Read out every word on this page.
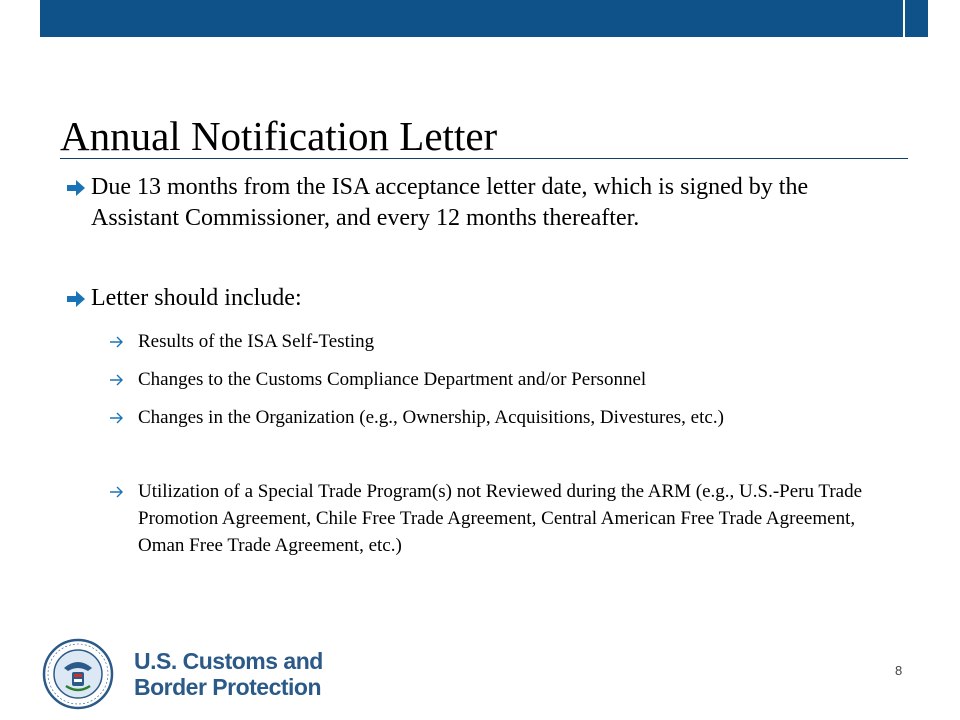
Annual Notification Letter
Due 13 months from the ISA acceptance letter date, which is signed by the Assistant Commissioner, and every 12 months thereafter.
Letter should include:
Results of the ISA Self-Testing
Changes to the Customs Compliance Department and/or Personnel
Changes in the Organization (e.g., Ownership, Acquisitions, Divestures, etc.)
Utilization of a Special Trade Program(s) not Reviewed during the ARM (e.g., U.S.-Peru Trade Promotion Agreement, Chile Free Trade Agreement, Central American Free Trade Agreement, Oman Free Trade Agreement, etc.)
U.S. Customs and
Border Protection
8
